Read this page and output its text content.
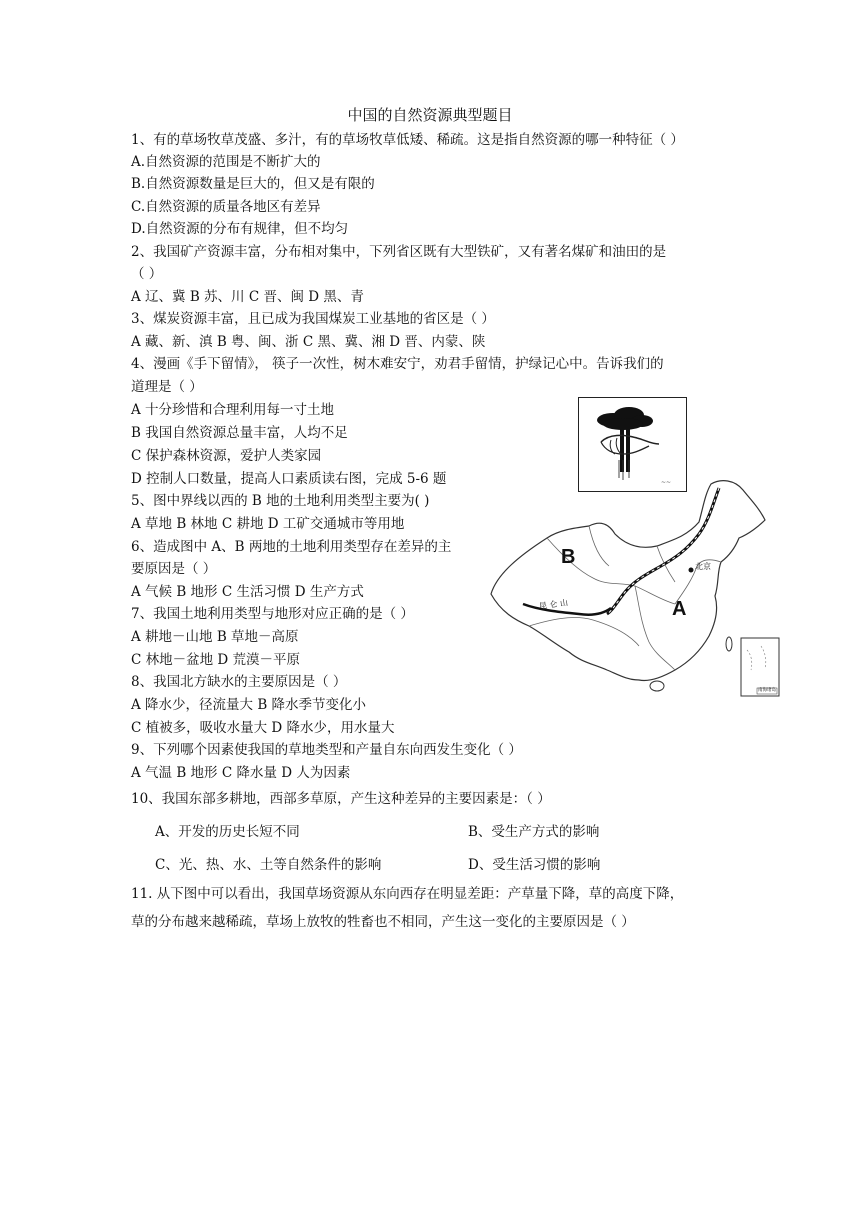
中国的自然资源典型题目
1、有的草场牧草茂盛、多汁，有的草场牧草低矮、稀疏。这是指自然资源的哪一种特征（ ）
A.自然资源的范围是不断扩大的
B.自然资源数量是巨大的，但又是有限的
C.自然资源的质量各地区有差异
D.自然资源的分布有规律，但不均匀
2、我国矿产资源丰富，分布相对集中，下列省区既有大型铁矿，又有著名煤矿和油田的是
（ ）
A 辽、冀 B 苏、川 C 晋、闽 D 黑、青
3、煤炭资源丰富，且已成为我国煤炭工业基地的省区是（ ）
A 藏、新、滇 B 粤、闽、浙 C 黑、冀、湘 D 晋、内蒙、陕
4、漫画《手下留情》， 筷子一次性，树木难安宁，劝君手留情，护绿记心中。告诉我们的
道理是（ ）
A 十分珍惜和合理利用每一寸土地
B 我国自然资源总量丰富，人均不足
C 保护森林资源，爱护人类家园
D 控制人口数量，提高人口素质读右图，完成 5-6 题
5、图中界线以西的 B 地的土地利用类型主要为( )
A 草地 B 林地 C 耕地 D 工矿交通城市等用地
6、造成图中 A、B 两地的土地利用类型存在差异的主
要原因是（ ）
A 气候 B 地形 C 生活习惯 D 生产方式
7、我国土地利用类型与地形对应正确的是（ ）
A 耕地－山地 B 草地－高原
C 林地－盆地 D 荒漠－平原
8、我国北方缺水的主要原因是（ ）
A 降水少，径流量大 B 降水季节变化小
C 植被多，吸收水量大 D 降水少，用水量大
9、下列哪个因素使我国的草地类型和产量自东向西发生变化（ ）
A 气温 B 地形 C 降水量 D 人为因素
10、我国东部多耕地，西部多草原，产生这种差异的主要因素是：（ ）
A、开发的历史长短不同	B、受生产方式的影响
C、光、热、水、土等自然条件的影响	D、受生活习惯的影响
11. 从下图中可以看出，我国草场资源从东向西存在明显差距：产草量下降，草的高度下降，
草的分布越来越稀疏，草场上放牧的牲畜也不相同，产生这一变化的主要原因是（ ）
~~
B
A
北京
昆 仑 山
南海诸岛
